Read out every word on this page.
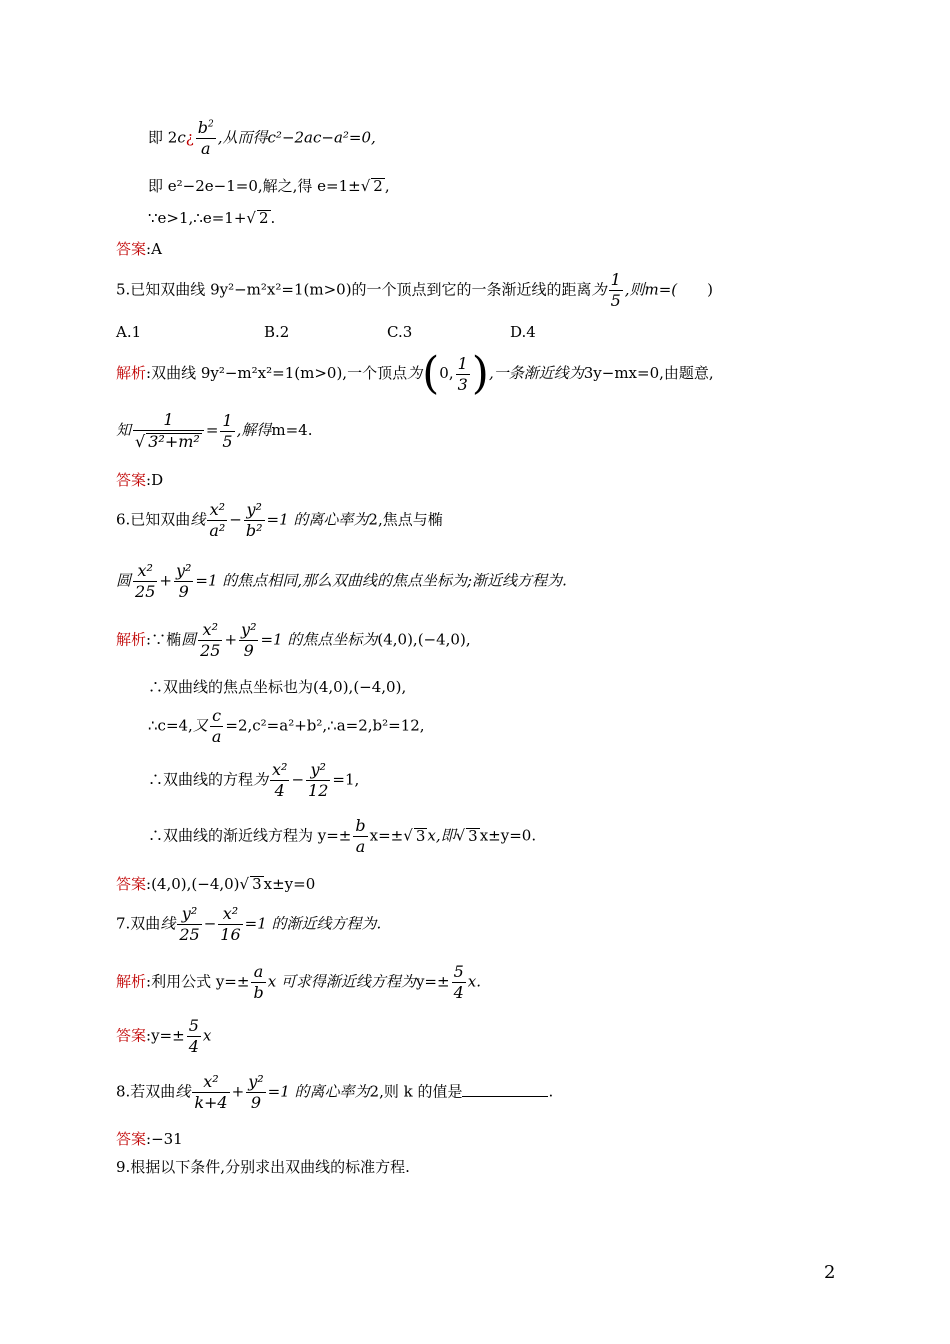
即 2c¿ $\frac{b^2}{a}$ ,从而得c²−2ac−a²=0,
即 e²−2e−1=0,解之,得 e=1±√ 2 ,
∵e>1,∴e=1+√ 2 .
答案:A
5.已知双曲线 9y²−m²x²=1(m>0)的一个顶点到它的一条渐近线的距离为 $\frac{1}{5}$ ,则m=(　　)
A.1	B.2	C.3	D.4
解析:双曲线 9y²−m²x²=1(m>0),一个顶点为(0, $\frac{1}{3}$ ),一条渐近线为3y−mx=0,由题意,
知 $\frac{1}{\text{√ 3²+m²}} = \frac{1}{5}$ ,解得m=4.
答案:D
6.已知双曲线 $\frac{\text{x²}}{\text{a²}} - \frac{\text{y²}}{\text{b²}} =1$ 的离心率为2,焦点与椭
圆 $\frac{\text{x²}}{25} + \frac{\text{y²}}{9} =1$ 的焦点相同,那么双曲线的焦点坐标为;渐近线方程为.
解析:∵椭圆 $\frac{\text{x²}}{25} + \frac{\text{y²}}{9} =1$ 的焦点坐标为(4,0),(−4,0),
∴双曲线的焦点坐标也为(4,0),(−4,0),
∴c=4,又 $\frac{c}{a}$ =2,c²=a²+b²,∴a=2,b²=12,
∴双曲线的方程为 $\frac{\text{x²}}{4} - \frac{\text{y²}}{12} =1$,
∴双曲线的渐近线方程为 $y=\pm \frac{b}{a} x=\pm√$ 3 x,即√ 3 x±y=0.
答案:(4,0),(−4,0)√ 3 x±y=0
7.双曲线 $\frac{\text{y²}}{25} - \frac{\text{x²}}{16} =1$ 的渐近线方程为.
解析:利用公式 $y=\pm \frac{a}{b}$ x 可求得渐近线方程为$y=\pm \frac{5}{4} x$.
答案:y=± $\frac{5}{4}$ x
8.若双曲线 $\frac{\text{x²}}{k+4} + \frac{\text{y²}}{9} =1$ 的离心率为2,则 k 的值是	.
答案:−31
9.根据以下条件,分别求出双曲线的标准方程.
2
